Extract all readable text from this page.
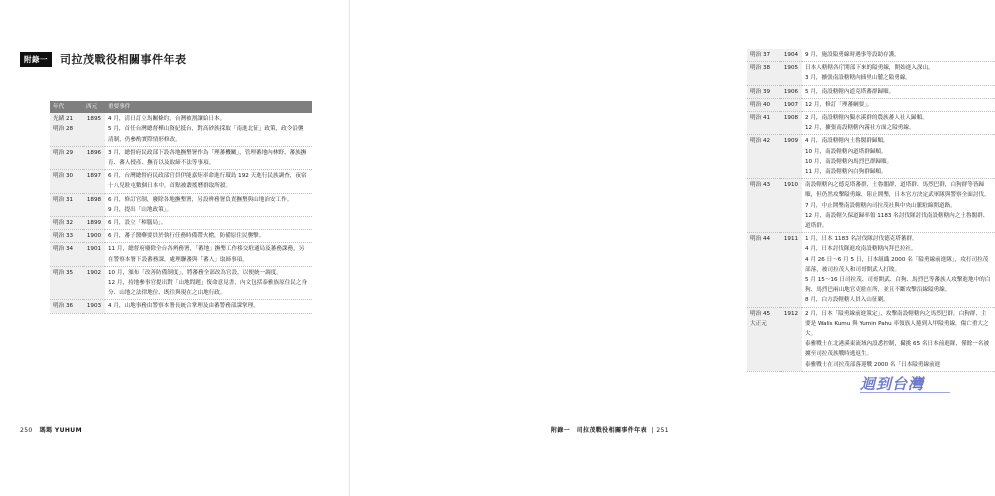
附錄一	司拉茂戰役相關事件年表
年代	西元	重要事件

光緒 21
明治 28	1895	4 月，清日訂立馬關條約，台灣被割讓給日本。
5 月，首任台灣總督樺山資紀抵台，對高砂族採取「南進北征」政策，政令沿襲清制，仍參酌實際情形修改。

明治 29	1896	3 月，總督府民政部下設各地撫墾署作為「理蕃機關」，管理蕃地內林野、蕃族撫育、蕃人授產、撫育以及取締不法等事項。

明治 30	1897	6 月，台灣總督府民政部官員伊能嘉矩率命進行環島 192 天進行民族調查，夜宿十八兒駐屯數個日本中，首點被叢搖曆群取所殺。

明治 31	1898	6 月，修訂官制，廢除各地撫墾署，另設辨務署負責撫墾與山地治安工作。
9 月，提出「山地政策」。

明治 32	1899	6 月，設立「樟腦局」。

明治 33	1900	6 月，蕃子醫藥要員於執行任務時備帶火槍，防備原住民襲擊。

明治 34	1901	11 月，總督府廢除全台各辨務署，「蕃地」撫墾工作移交駐通局及蕃務課務，另在警察本署下設蕃務課，處理聯蕃與「蕃人」取締事項。

明治 35	1902	10 月，頒布「改善防備制度」，將蕃務全部改為官設，以便統一調度。
12 月，持地參事官提出對「山地問題」復命意見書，內文包括泰雅族原住民之身分、山地之法律地位、既往與現在之山地行政。

明治 36	1903	4 月，山地事務由警察本署長統合掌理及由蕃警務部課掌理。
明治 37	1904	9 月，施設隘勇線時遇事等設助存護。

明治 38	1905	日本人轄轄各庁開部下來的隘勇線，開始進入深山。
3 月，擴張南設轄轄內插里山麓之隘勇線。

明治 39	1906	5 月，南設轄轄內道克塔蕃群歸順。

明治 40	1907	12 月，修訂「理蕃綱要」。

明治 41	1908	2 月，南設轄轄內獨水溪群的農族蕃人社人歸順。
12 月，擴張南設轄轄內霧社方面之隘勇線。

明治 42	1909	4 月，南設轄轄內土魯閣群歸順。
10 月，南設轄轄內道塔群歸順。
10 月，南設轄轄內馬烈巴群歸順。
11 月，南設轄轄內白狗群歸順。

明治 43	1910	南設轄轄內之德克塔蕃群、土魯閣群、道塔群、馬烈巴群，白狗群等皆歸順，但仍然攻擊隘勇線，阻止開墾，日本官方決定武軍隊與警察全面討伐。
7 月，中止開墾南設轄轄內司拉茂社與中央山脈駐綿開道路。
12 月，南設轄久保道歸率領 1183 名討伐隊討伐南設轄轄內之土魯閣群、道塔群。

明治 44	1911	1 月，日本 1183 名討伐隊討伐德克塔蕃群。
4 月，日本討伐隊進攻南設轄轄內拜巴拉社。
4 月 26 日～6 月 5 日，日本組織 2000 名「隘勇線前進隊」，攻打司拉茂部落，被司拉茂人和司哥開武人打敗。
5 月 15～16 日司拉茂、司哥開武、白狗、馬烈巴等蕃族人攻擊進地中的白狗、馬烈巴兩山地官吏駐在所，並且不斷攻擊沿線隘勇線。
8 月，白方設轄轄人員入山征剿。

明治 45
大正元	1912	2 月，日本「隘勇線前進策定」，攻擊南設轄轄內之馬烈巴群，白狗群，主要是 Walis Kumu 與 Yumin Pahu 率領族人捲到入甲隘勇線，傷亡重大之大。
泰雅戰士在北港溪東流域內設悉控制，攝挑 65 名日本前進隊，僅餘一名被擄至司拉茂族戰時逃返生。
泰雅戰士在司拉茂部落迎戰 2000 名「日本隘勇線前進
迴到台灣
250 瑪瑪 YUHUM	附錄一　司拉茂戰役相關事件年表  | 251
